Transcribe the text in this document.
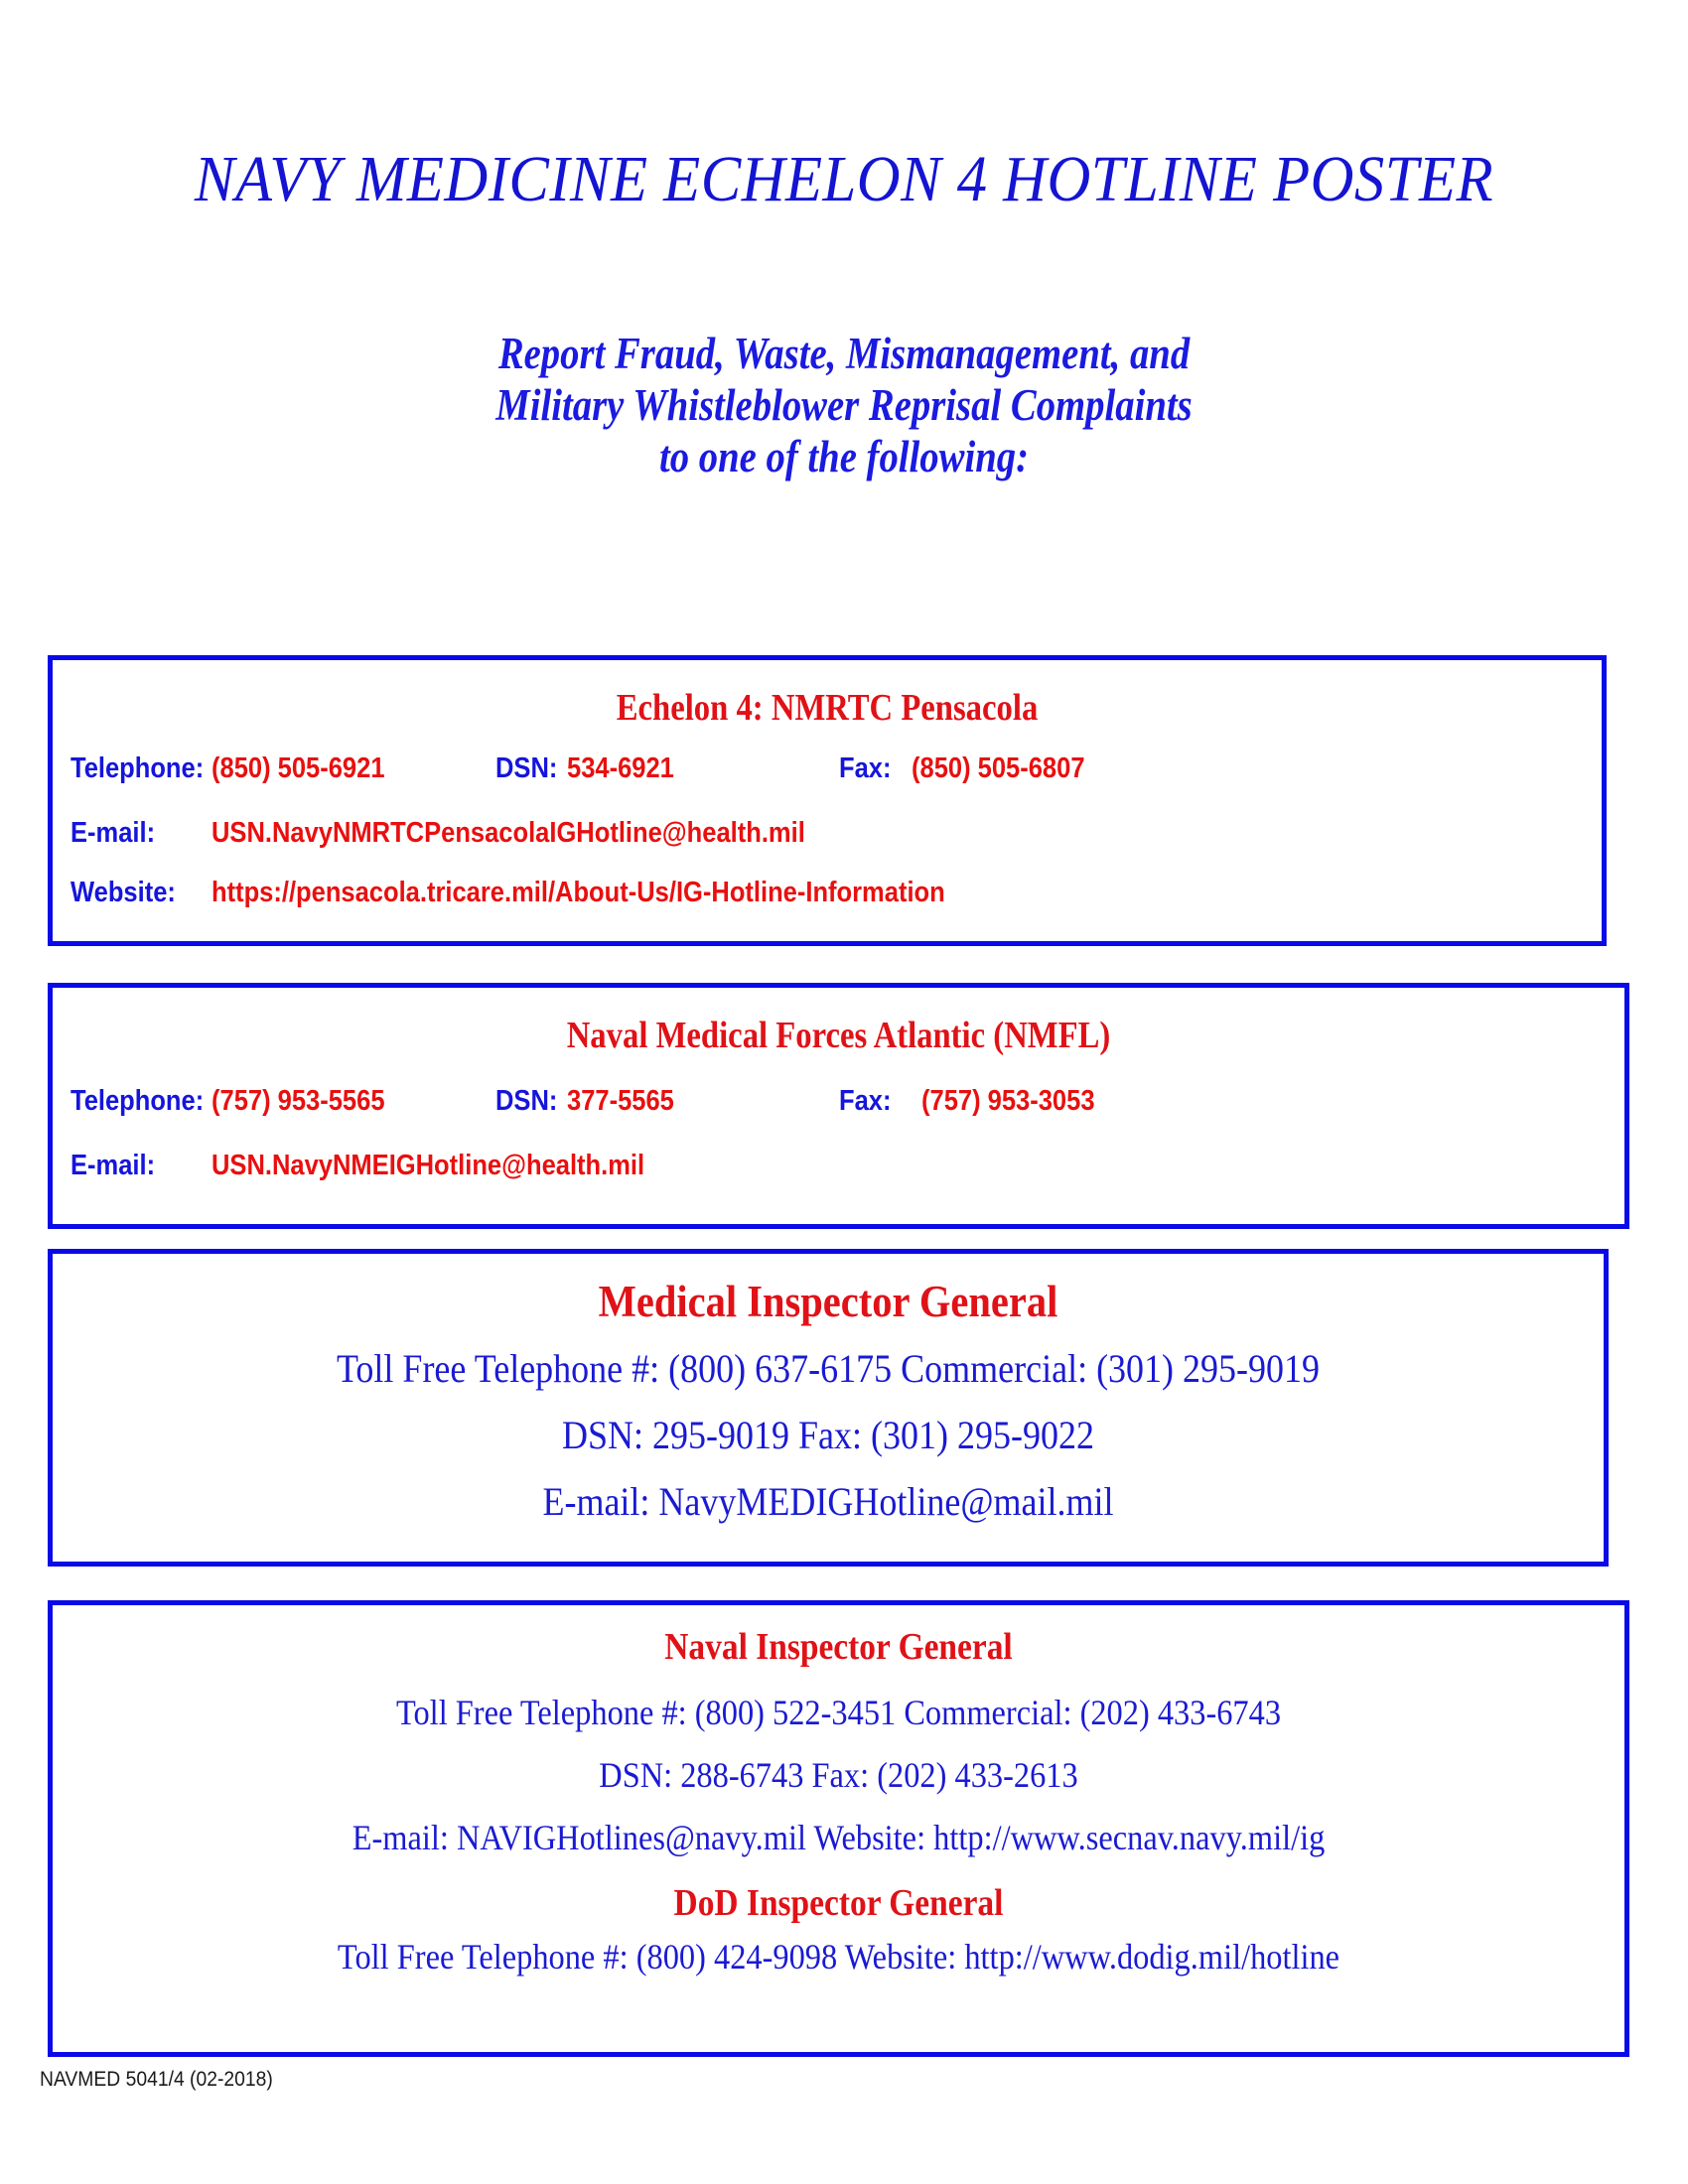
NAVY MEDICINE ECHELON 4 HOTLINE POSTER
Report Fraud, Waste, Mismanagement, and
Military Whistleblower Reprisal Complaints
to one of the following:
Echelon 4: NMRTC Pensacola
Telephone: (850) 505-6921	DSN: 534-6921	Fax: (850) 505-6807
E-mail: USN.NavyNMRTCPensacolaIGHotline@health.mil
Website: https://pensacola.tricare.mil/About-Us/IG-Hotline-Information
Naval Medical Forces Atlantic (NMFL)
Telephone: (757) 953-5565	DSN: 377-5565	Fax: (757) 953-3053
E-mail: USN.NavyNMEIGHotline@health.mil
Medical Inspector General
Toll Free Telephone #: (800) 637-6175 Commercial: (301) 295-9019
DSN: 295-9019 Fax: (301) 295-9022
E-mail: NavyMEDIGHotline@mail.mil
Naval Inspector General
Toll Free Telephone #: (800) 522-3451 Commercial: (202) 433-6743
DSN: 288-6743 Fax: (202) 433-2613
E-mail: NAVIGHotlines@navy.mil Website: http://www.secnav.navy.mil/ig
DoD Inspector General
Toll Free Telephone #: (800) 424-9098 Website: http://www.dodig.mil/hotline
NAVMED 5041/4 (02-2018)
